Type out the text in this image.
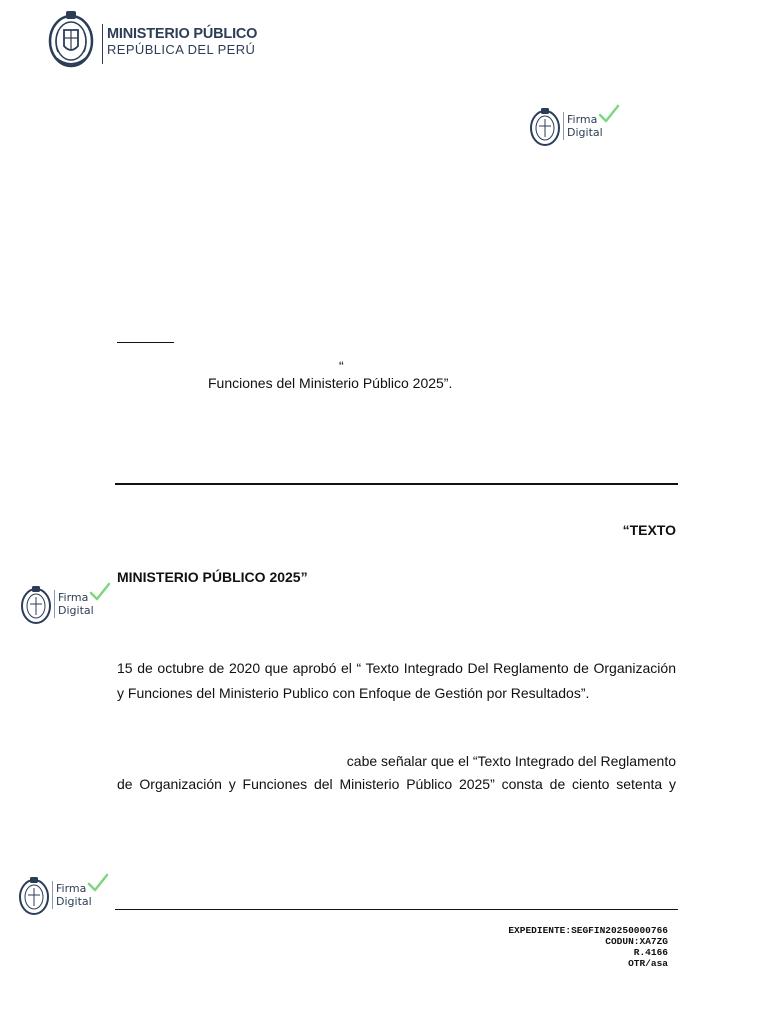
MINISTERIO PÚBLICO
REPÚBLICA DEL PERÚ
Firma
Digital
Firma
Digital
Firma
Digital
“
Funciones del Ministerio Público 2025”.
“TEXTO
MINISTERIO PÚBLICO 2025”
15 de octubre de 2020 que aprobó el “ Texto Integrado Del Reglamento de Organización
y Funciones del Ministerio Publico con Enfoque de Gestión por Resultados”.
cabe señalar que el “Texto Integrado del Reglamento
de Organización y Funciones del Ministerio Público 2025” consta de ciento setenta y
EXPEDIENTE:SEGFIN20250000766
CODUN:XA7ZG
R.4166
OTR/asa
